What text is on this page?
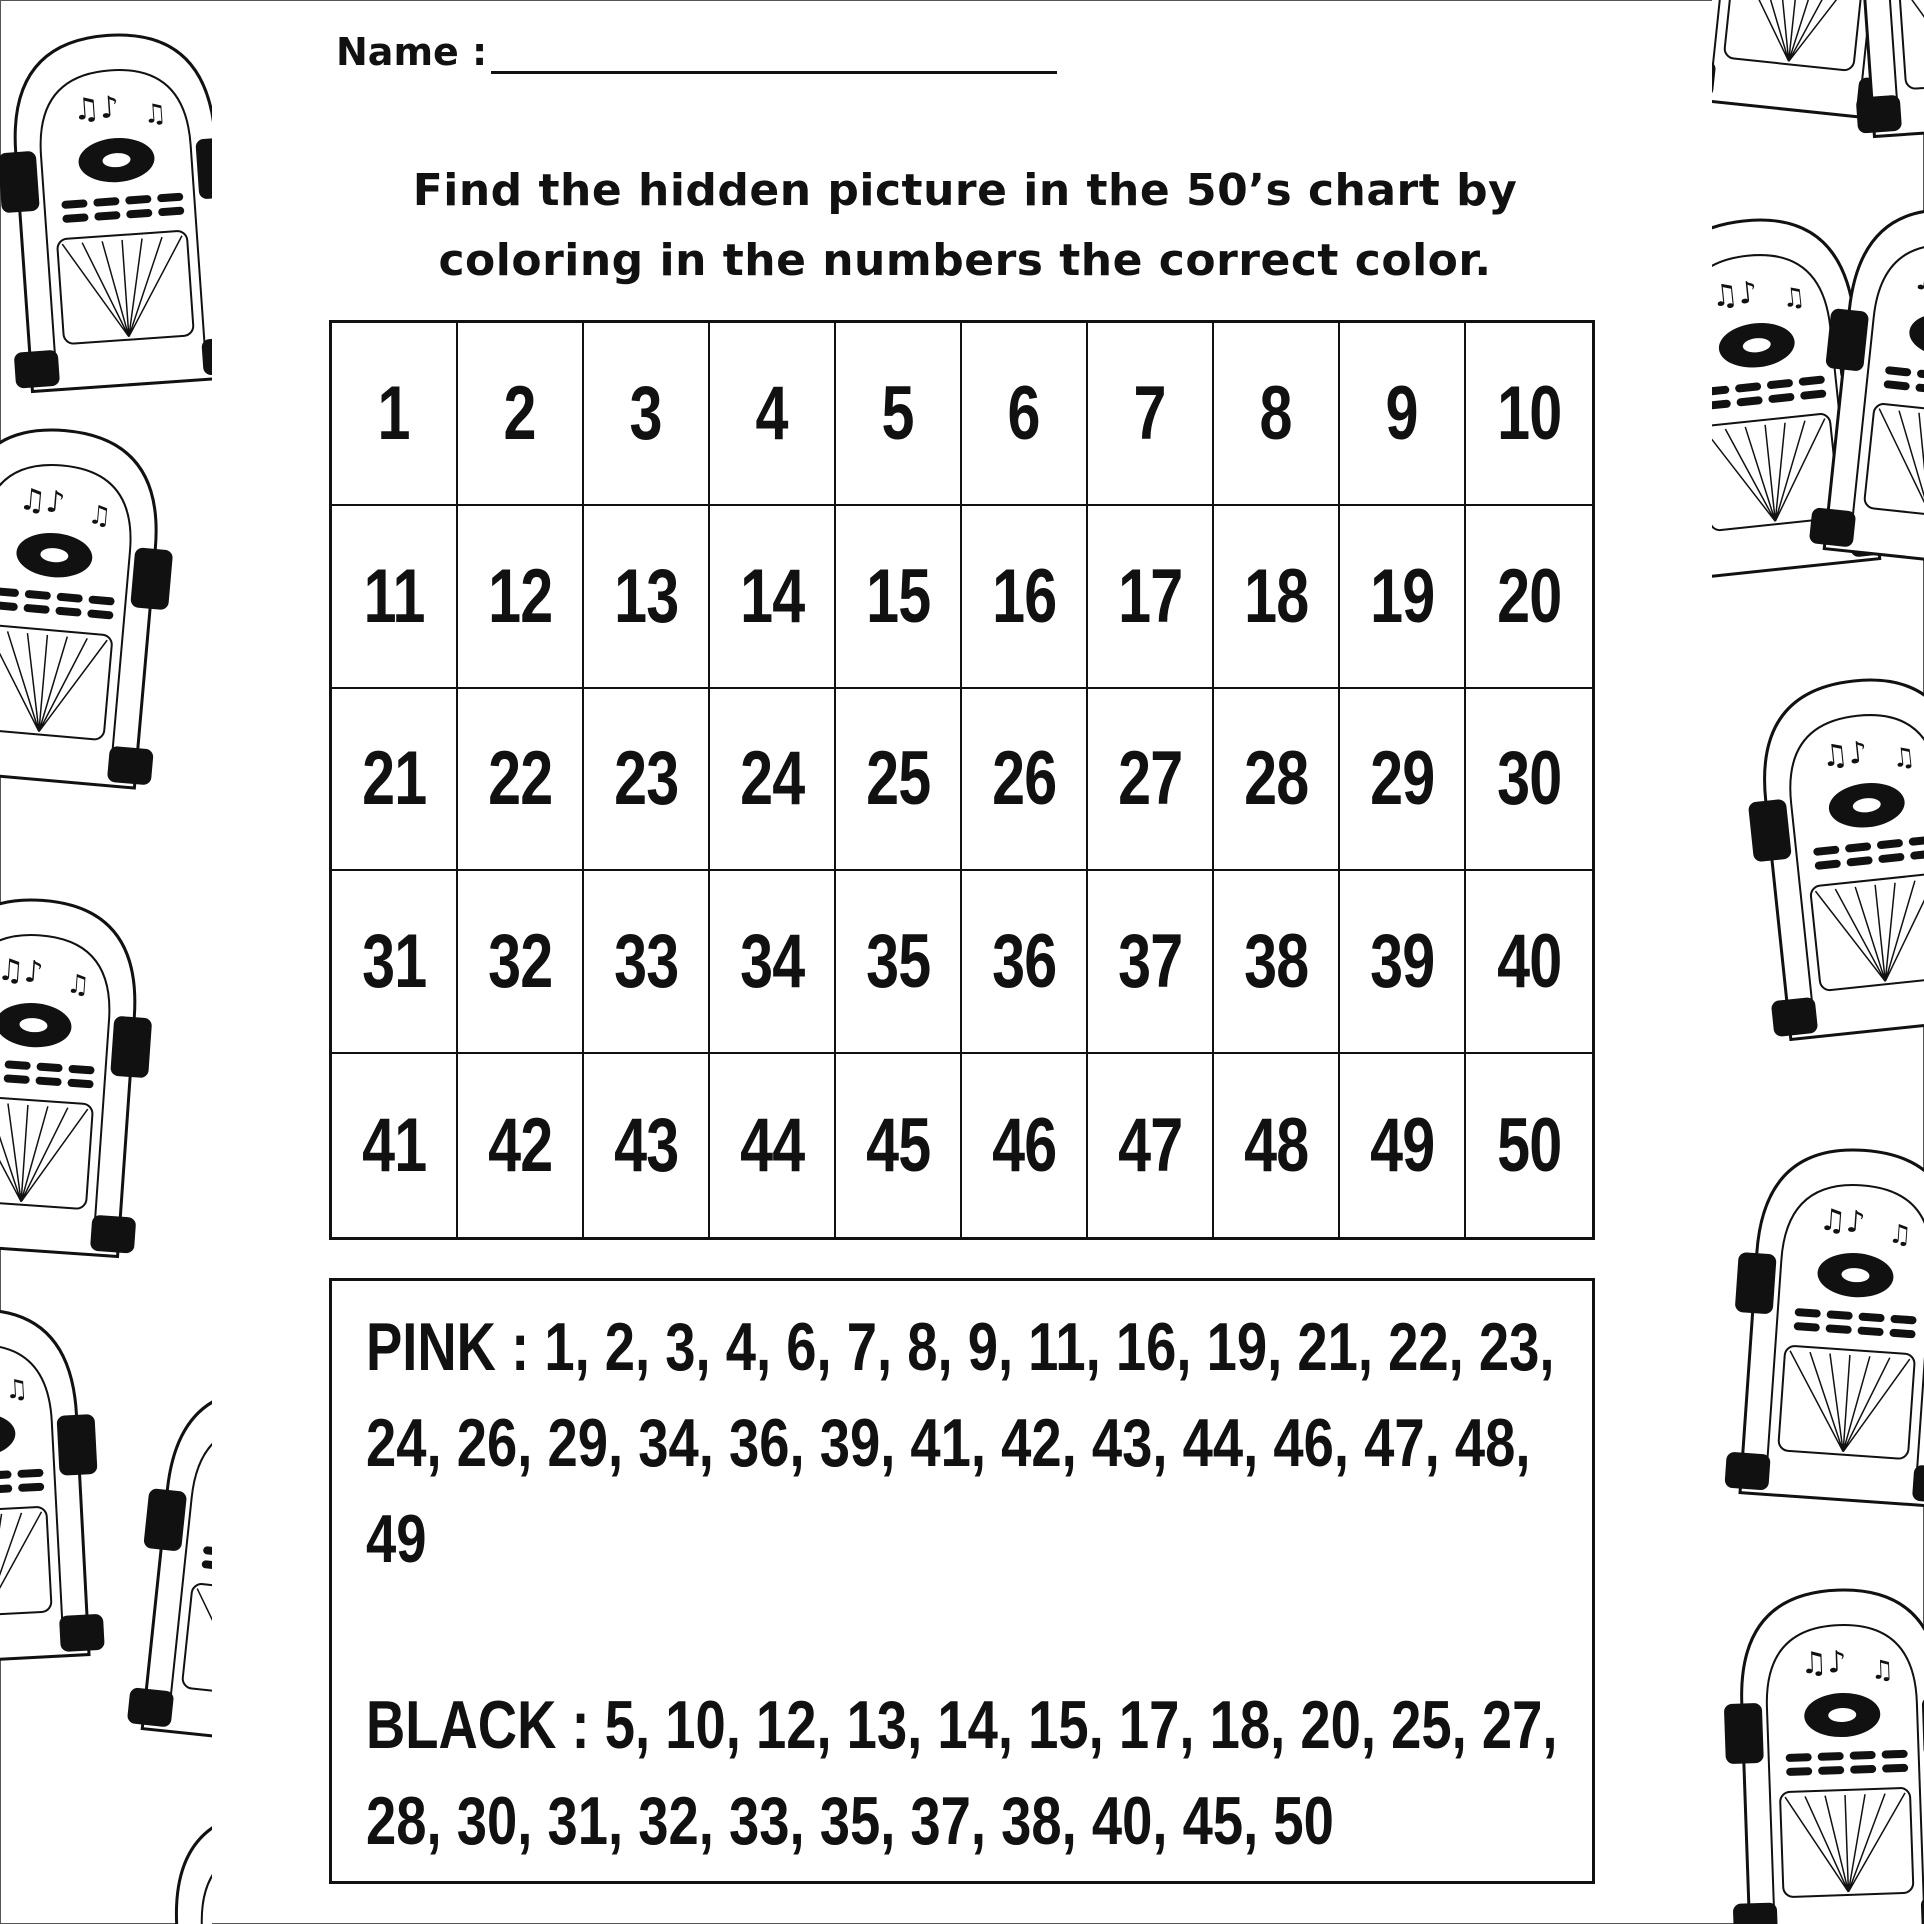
Name :
Find the hidden picture in the 50’s chart by coloring in the numbers the correct color.
1 2 3 4 5 6 7 8 9 10
11 12 13 14 15 16 17 18 19 20
21 22 23 24 25 26 27 28 29 30
31 32 33 34 35 36 37 38 39 40
41 42 43 44 45 46 47 48 49 50
PINK : 1, 2, 3, 4, 6, 7, 8, 9, 11, 16, 19, 21, 22, 23, 24, 26, 29, 34, 36, 39, 41, 42, 43, 44, 46, 47, 48, 49
BLACK : 5, 10, 12, 13, 14, 15, 17, 18, 20, 25, 27, 28, 30, 31, 32, 33, 35, 37, 38, 40, 45, 50
